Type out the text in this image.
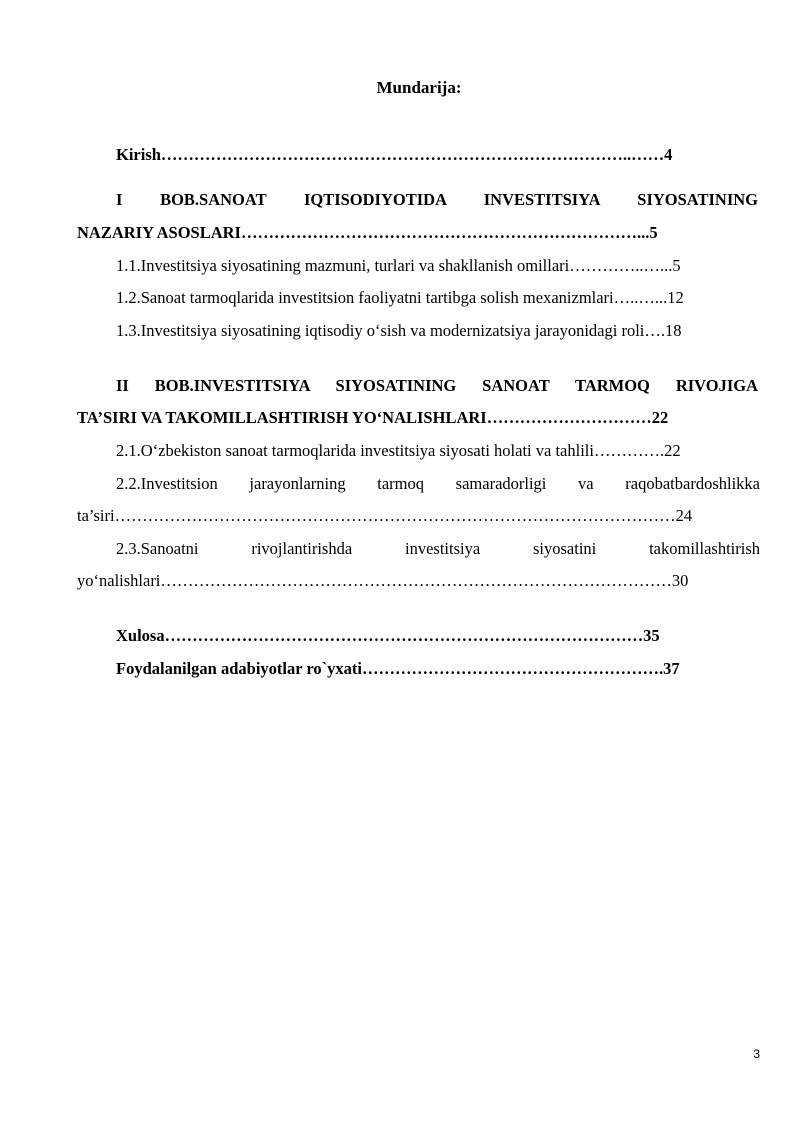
Mundarija:
Kirish…………………………………………………………………………..……4
I BOB.SANOAT IQTISODIYOTIDA INVESTITSIYA SIYOSATINING
NAZARIY ASOSLARI………………………………………………………………...5
1.1.Investitsiya siyosatining mazmuni, turlari va shakllanish omillari…………..…...5
1.2.Sanoat tarmoqlarida investitsion faoliyatni tartibga solish mexanizmlari…..…...12
1.3.Investitsiya siyosatining iqtisodiy oʻsish va modernizatsiya jarayonidagi roli….18
II BOB.INVESTITSIYA SIYOSATINING SANOAT TARMOQ RIVOJIGA
TA’SIRI VA TAKOMILLASHTIRISH YOʻNALISHLARI…………………………22
2.1.Oʻzbekiston sanoat tarmoqlarida investitsiya siyosati holati va tahlili………….22
2.2.Investitsion jarayonlarning tarmoq samaradorligi va raqobatbardoshlikka
ta’siri…………………………………………………………………………………………24
2.3.Sanoatni rivojlantirishda investitsiya siyosatini takomillashtirish
yoʻnalishlari…………………………………………………………………………………30
Xulosa……………………………………………………………………………35
Foydalanilgan adabiyotlar ro`yxati……………………………………………….37
3
